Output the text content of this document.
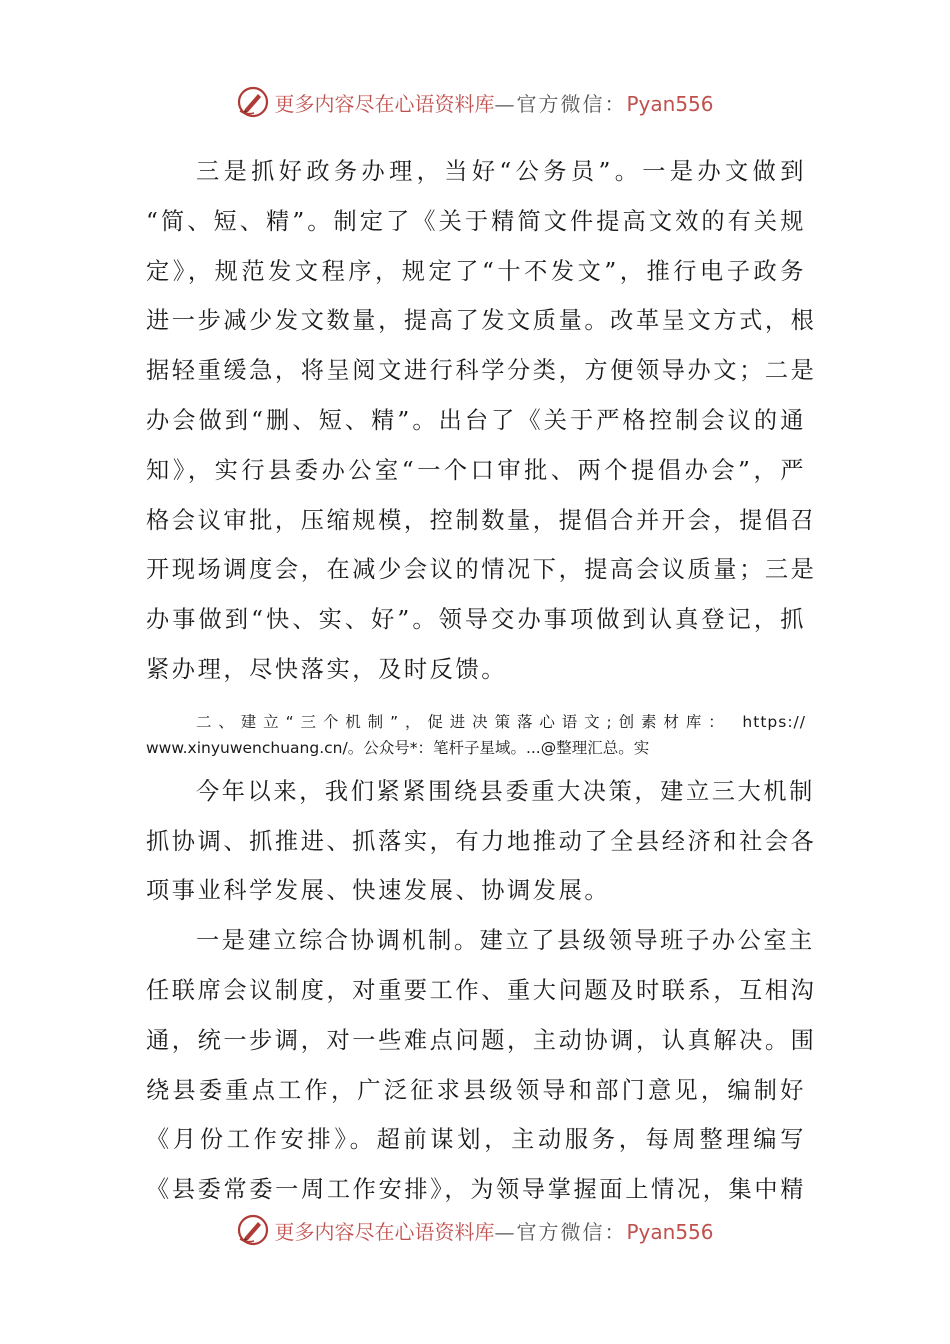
更多内容尽在心语资料库—官方微信：Pyan556

三是抓好政务办理，当好“公务员”。一是办文做到
“简、短、精”。制定了《关于精简文件提高文效的有关规
定》，规范发文程序，规定了“十不发文”，推行电子政务
进一步减少发文数量，提高了发文质量。改革呈文方式，根
据轻重缓急，将呈阅文进行科学分类，方便领导办文；二是
办会做到“删、短、精”。出台了《关于严格控制会议的通
知》，实行县委办公室“一个口审批、两个提倡办会”，严
格会议审批，压缩规模，控制数量，提倡合并开会，提倡召
开现场调度会，在减少会议的情况下，提高会议质量；三是
办事做到“快、实、好”。领导交办事项做到认真登记，抓
紧办理，尽快落实，及时反馈。

二、建立“三个机制”，促进决策落心语文;创素材库： https://
www.xinyuwenchuang.cn/。公众号*：笔杆子星域。...@整理汇总。实

今年以来，我们紧紧围绕县委重大决策，建立三大机制
抓协调、抓推进、抓落实，有力地推动了全县经济和社会各
项事业科学发展、快速发展、协调发展。

一是建立综合协调机制。建立了县级领导班子办公室主
任联席会议制度，对重要工作、重大问题及时联系，互相沟
通，统一步调，对一些难点问题，主动协调，认真解决。围
绕县委重点工作，广泛征求县级领导和部门意见，编制好
《月份工作安排》。超前谋划，主动服务，每周整理编写
《县委常委一周工作安排》，为领导掌握面上情况，集中精

更多内容尽在心语资料库—官方微信：Pyan556
